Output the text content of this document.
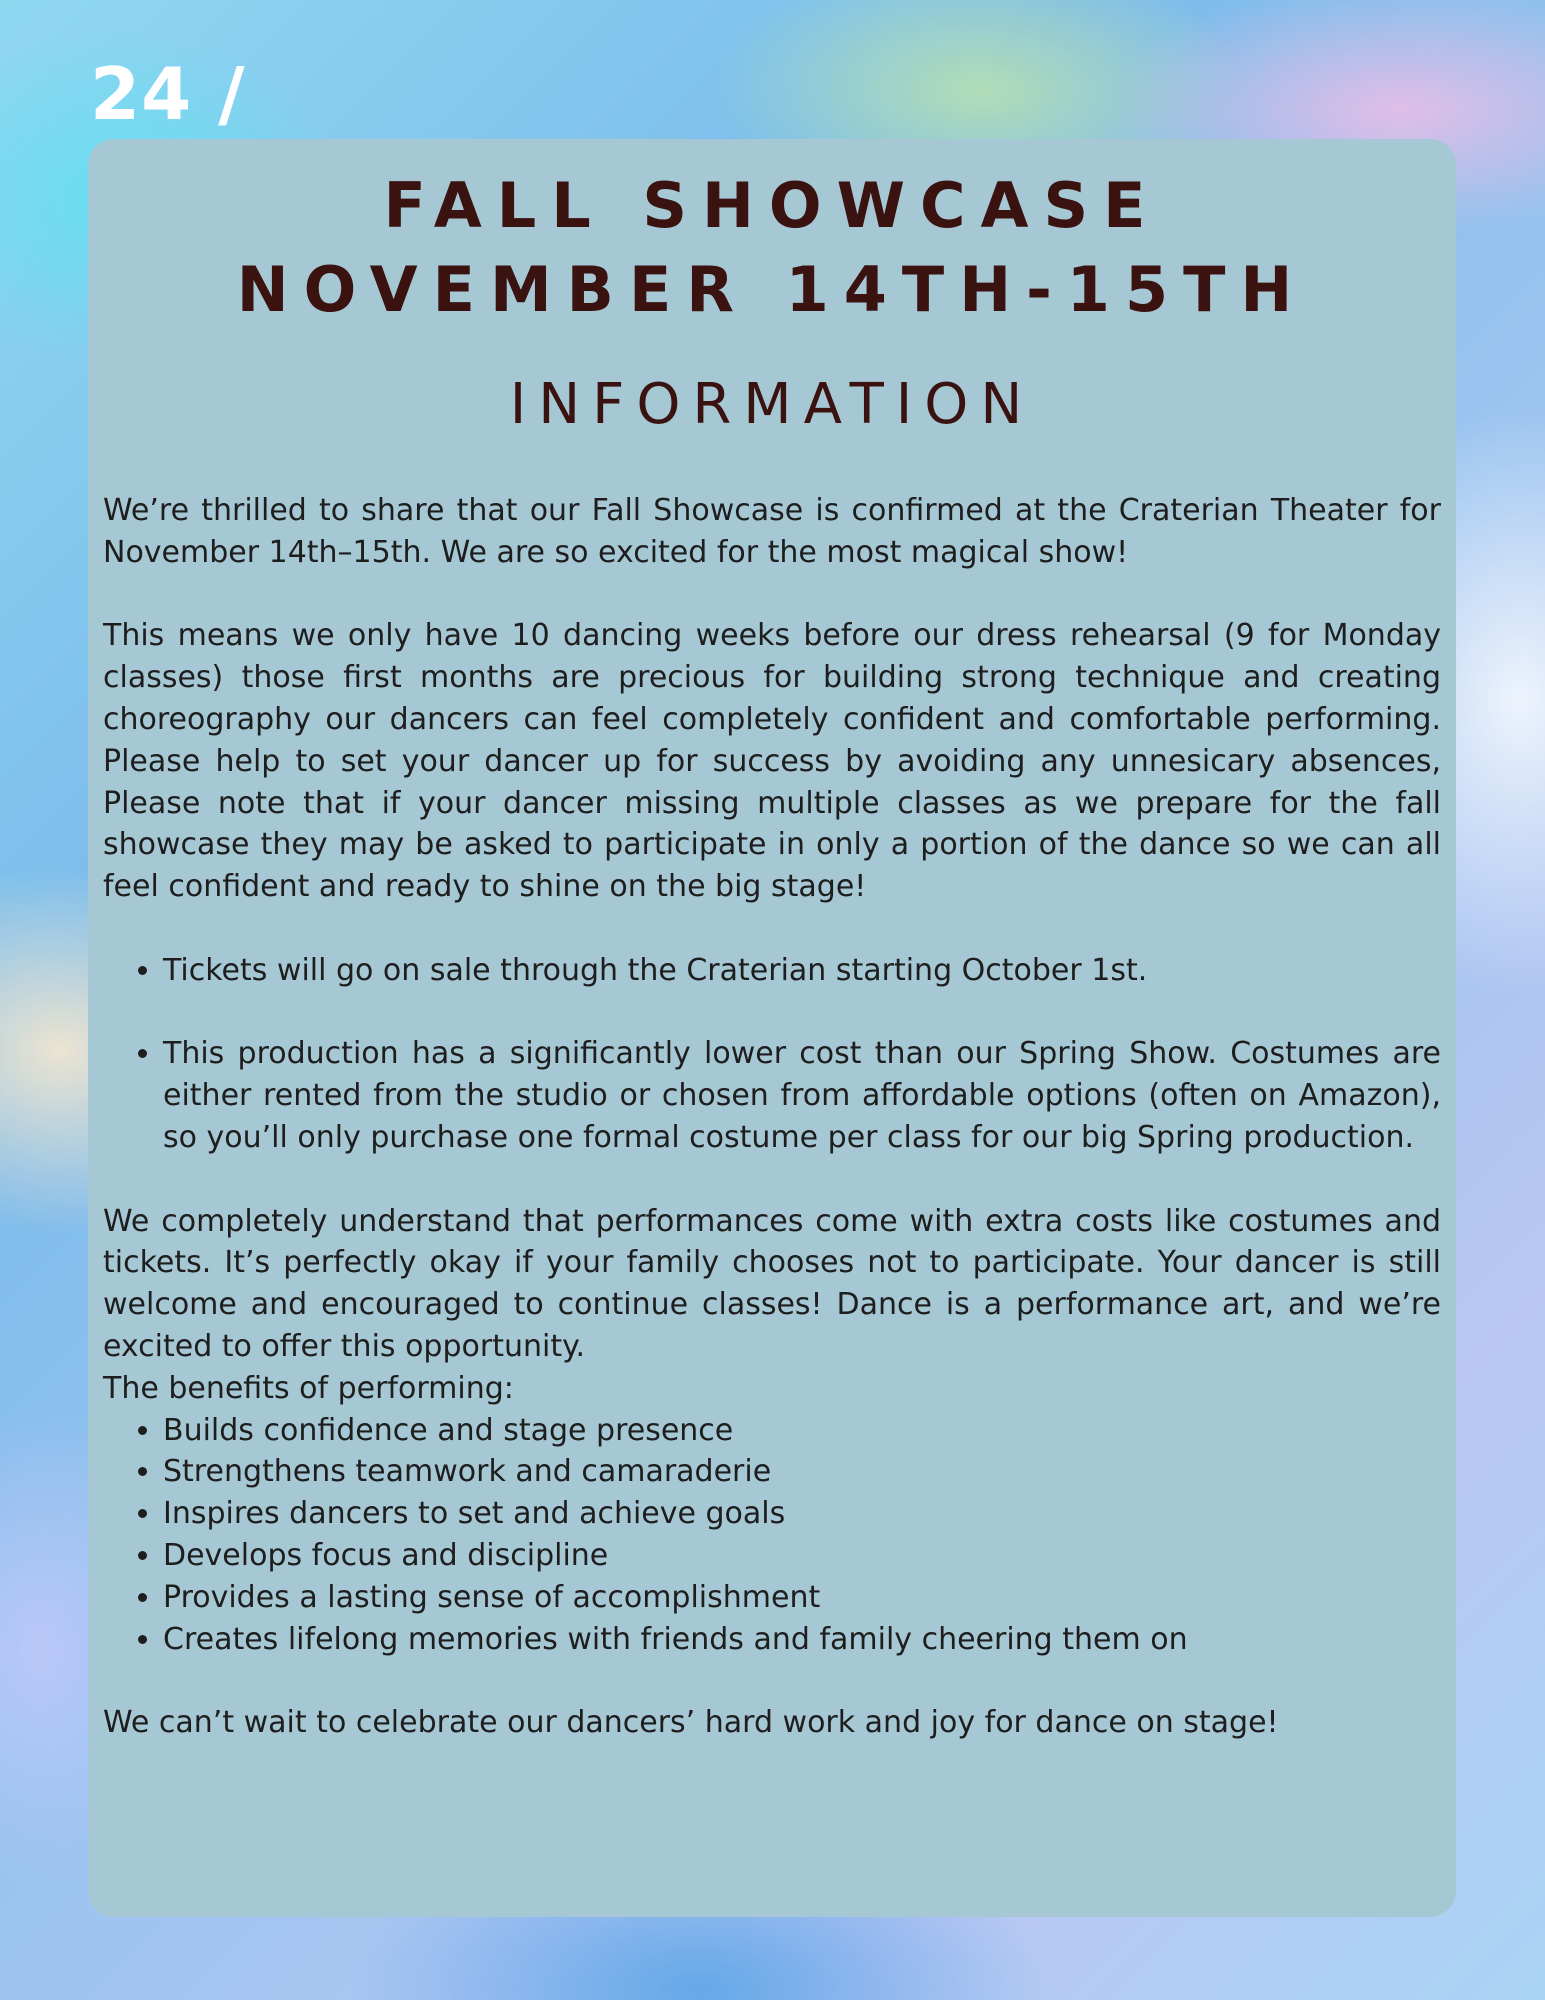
24 /
FALL SHOWCASE
NOVEMBER 14TH-15TH
INFORMATION

We’re thrilled to share that our Fall Showcase is confirmed at the Craterian Theater for November 14th–15th. We are so excited for the most magical show!

This means we only have 10 dancing weeks before our dress rehearsal (9 for Monday classes) those first months are precious for building strong technique and creating choreography our dancers can feel completely confident and comfortable performing. Please help to set your dancer up for success by avoiding any unnesicary absences, Please note that if your dancer missing multiple classes as we prepare for the fall showcase they may be asked to participate in only a portion of the dance so we can all feel confident and ready to shine on the big stage!

• Tickets will go on sale through the Craterian starting October 1st.
• This production has a significantly lower cost than our Spring Show. Costumes are either rented from the studio or chosen from affordable options (often on Amazon), so you’ll only purchase one formal costume per class for our big Spring production.

We completely understand that performances come with extra costs like costumes and tickets. It’s perfectly okay if your family chooses not to participate. Your dancer is still welcome and encouraged to continue classes! Dance is a performance art, and we’re excited to offer this opportunity.

The benefits of performing:

• Builds confidence and stage presence
• Strengthens teamwork and camaraderie
• Inspires dancers to set and achieve goals
• Develops focus and discipline
• Provides a lasting sense of accomplishment
• Creates lifelong memories with friends and family cheering them on

We can’t wait to celebrate our dancers’ hard work and joy for dance on stage!
